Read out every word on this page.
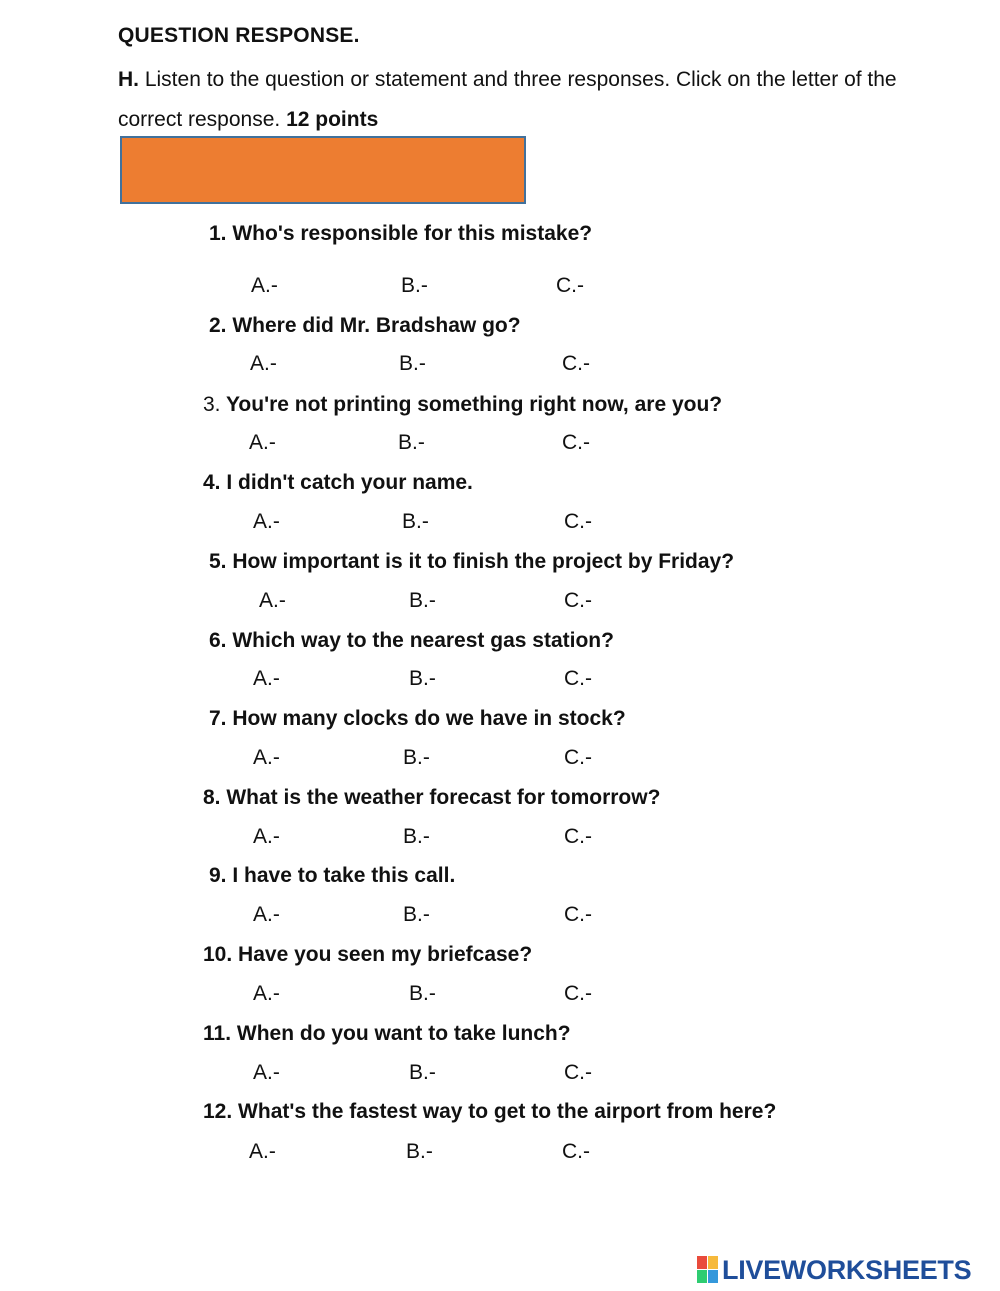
QUESTION RESPONSE.
H. Listen to the question or statement and three responses. Click on the letter of the correct response. 12 points
1. Who's responsible for this mistake?
A.-	B.-	C.-
2. Where did Mr. Bradshaw go?
A.-	B.-	C.-
3. You're not printing something right now, are you?
A.-	B.-	C.-
4. I didn't catch your name.
A.-	B.-	C.-
5. How important is it to finish the project by Friday?
A.-	B.-	C.-
6. Which way to the nearest gas station?
A.-	B.-	C.-
7. How many clocks do we have in stock?
A.-	B.-	C.-
8. What is the weather forecast for tomorrow?
A.-	B.-	C.-
9. I have to take this call.
A.-	B.-	C.-
10. Have you seen my briefcase?
A.-	B.-	C.-
11. When do you want to take lunch?
A.-	B.-	C.-
12. What's the fastest way to get to the airport from here?
A.-	B.-	C.-
LIVEWORKSHEETS
